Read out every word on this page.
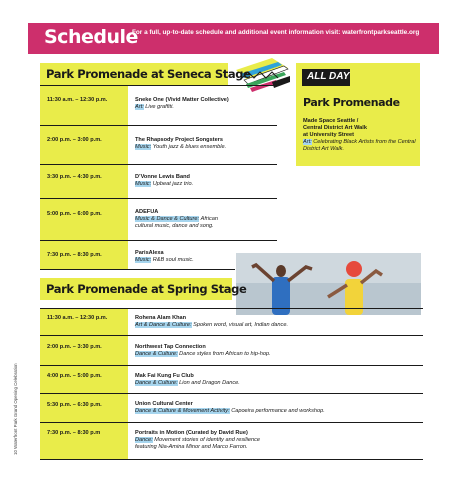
Schedule
For a full, up-to-date schedule and additional event information visit: waterfrontparkseattle.org
Park Promenade at Seneca Stage
11:30 a.m. – 12:30 p.m.	Sneke One (Vivid Matter Collective)
Art: Live graffiti.
2:00 p.m. – 3:00 p.m.	The Rhapsody Project Songsters
Music: Youth jazz & blues ensemble.
3:30 p.m. – 4:30 p.m.	D’Vonne Lewis Band
Music: Upbeat jazz trio.
5:00 p.m. – 6:00 p.m.	ADEFUA
Music & Dance & Culture: African
cultural music, dance and song.
7:30 p.m. – 8:30 p.m.	ParisAlexa
Music: R&B soul music.
ALL DAY
Park Promenade
Made Space Seattle /
Central District Art Walk
at University Street
Art: Celebrating Black Artists from the Central District Art Walk.
Park Promenade at Spring Stage
11:30 a.m. – 12:30 p.m.	Rohena Alam Khan
Art & Dance & Culture: Spoken word, visual art, Indian dance.
2:00 p.m. – 3:30 p.m.	Northwest Tap Connection
Dance & Culture: Dance styles from African to hip-hop.
4:00 p.m. – 5:00 p.m.	Mak Fai Kung Fu Club
Dance & Culture: Lion and Dragon Dance.
5:30 p.m. – 6:30 p.m.	Union Cultural Center
Dance & Culture & Movement Activity: Capoeira performance and workshop.
7:30 p.m. – 8:30 p.m	Portraits in Motion (Curated by David Rue)
Dance: Movement stories of identity and resilience
featuring Nia-Amina Minor and Marco Farron.
10 Waterfront Park Grand Opening Celebration
